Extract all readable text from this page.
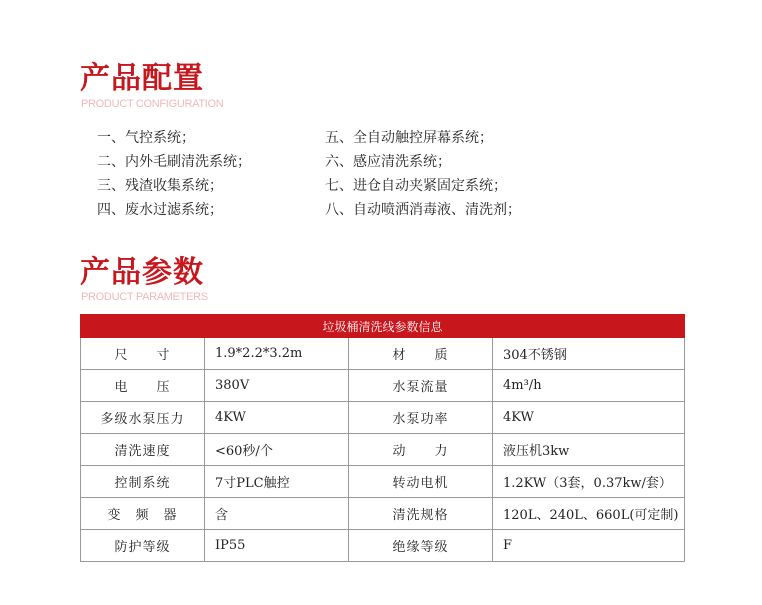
产品配置
PRODUCT CONFIGURATION
一、气控系统；	五、全自动触控屏幕系统；
二、内外毛刷清洗系统；	六、感应清洗系统；
三、残渣收集系统；	七、进仓自动夹紧固定系统；
四、废水过滤系统；	八、自动喷洒消毒液、清洗剂；
产品参数
PRODUCT PARAMETERS
垃圾桶清洗线参数信息			
尺　　寸	1.9*2.2*3.2m	材　　质	304不锈钢
电　　压	380V	水泵流量	4m³/h
多级水泵压力	4KW	水泵功率	4KW
清洗速度	<60秒/个	动　　力	液压机3kw
控制系统	7寸PLC触控	转动电机	1.2KW（3套，0.37kw/套）
变　频　器	含	清洗规格	120L、240L、660L(可定制)
防护等级	IP55	绝缘等级	F
